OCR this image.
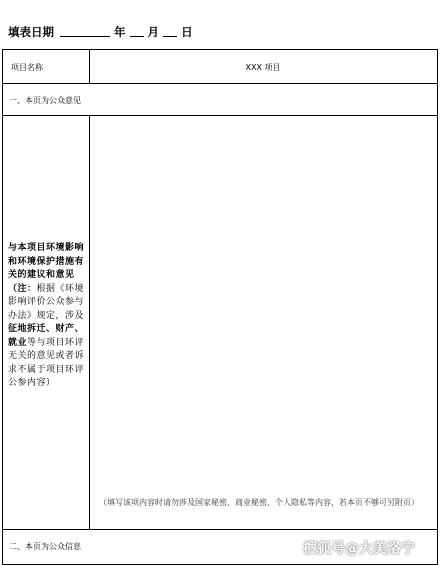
填表日期	年 月 日
项目名称	XXX 项目
一、本页为公众意见
与本项目环境影响和环境保护措施有关的建议和意见（注：根据《环境影响评价公众参与办法》规定，涉及征地拆迁、财产、就业等与项目环评无关的意见或者诉求不属于项目环评公参内容）
（填写该项内容时请勿涉及国家秘密、商业秘密、个人隐私等内容，若本页不够可另附页）
二、本页为公众信息	搜狐号@大美洛宁
